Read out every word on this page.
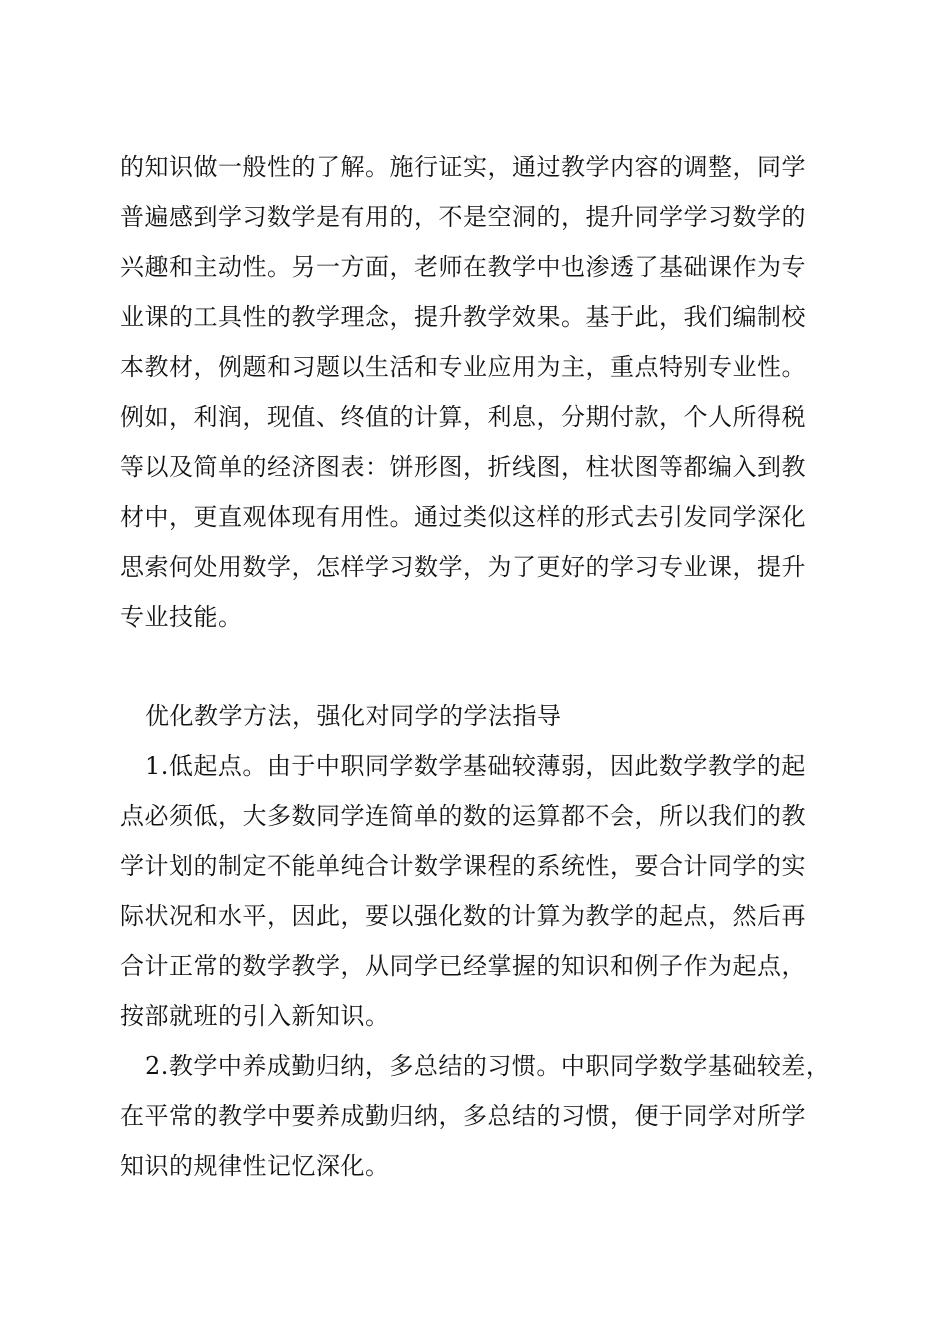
的知识做一般性的了解。施行证实，通过教学内容的调整，同学
普遍感到学习数学是有用的，不是空洞的，提升同学学习数学的
兴趣和主动性。另一方面，老师在教学中也渗透了基础课作为专
业课的工具性的教学理念，提升教学效果。基于此，我们编制校
本教材，例题和习题以生活和专业应用为主，重点特别专业性。
例如，利润，现值、终值的计算，利息，分期付款，个人所得税
等以及简单的经济图表：饼形图，折线图，柱状图等都编入到教
材中，更直观体现有用性。通过类似这样的形式去引发同学深化
思索何处用数学，怎样学习数学，为了更好的学习专业课，提升
专业技能。
优化教学方法，强化对同学的学法指导
1.低起点。由于中职同学数学基础较薄弱，因此数学教学的起
点必须低，大多数同学连简单的数的运算都不会，所以我们的教
学计划的制定不能单纯合计数学课程的系统性，要合计同学的实
际状况和水平，因此，要以强化数的计算为教学的起点，然后再
合计正常的数学教学，从同学已经掌握的知识和例子作为起点，
按部就班的引入新知识。
2.教学中养成勤归纳，多总结的习惯。中职同学数学基础较差，
在平常的教学中要养成勤归纳，多总结的习惯，便于同学对所学
知识的规律性记忆深化。
